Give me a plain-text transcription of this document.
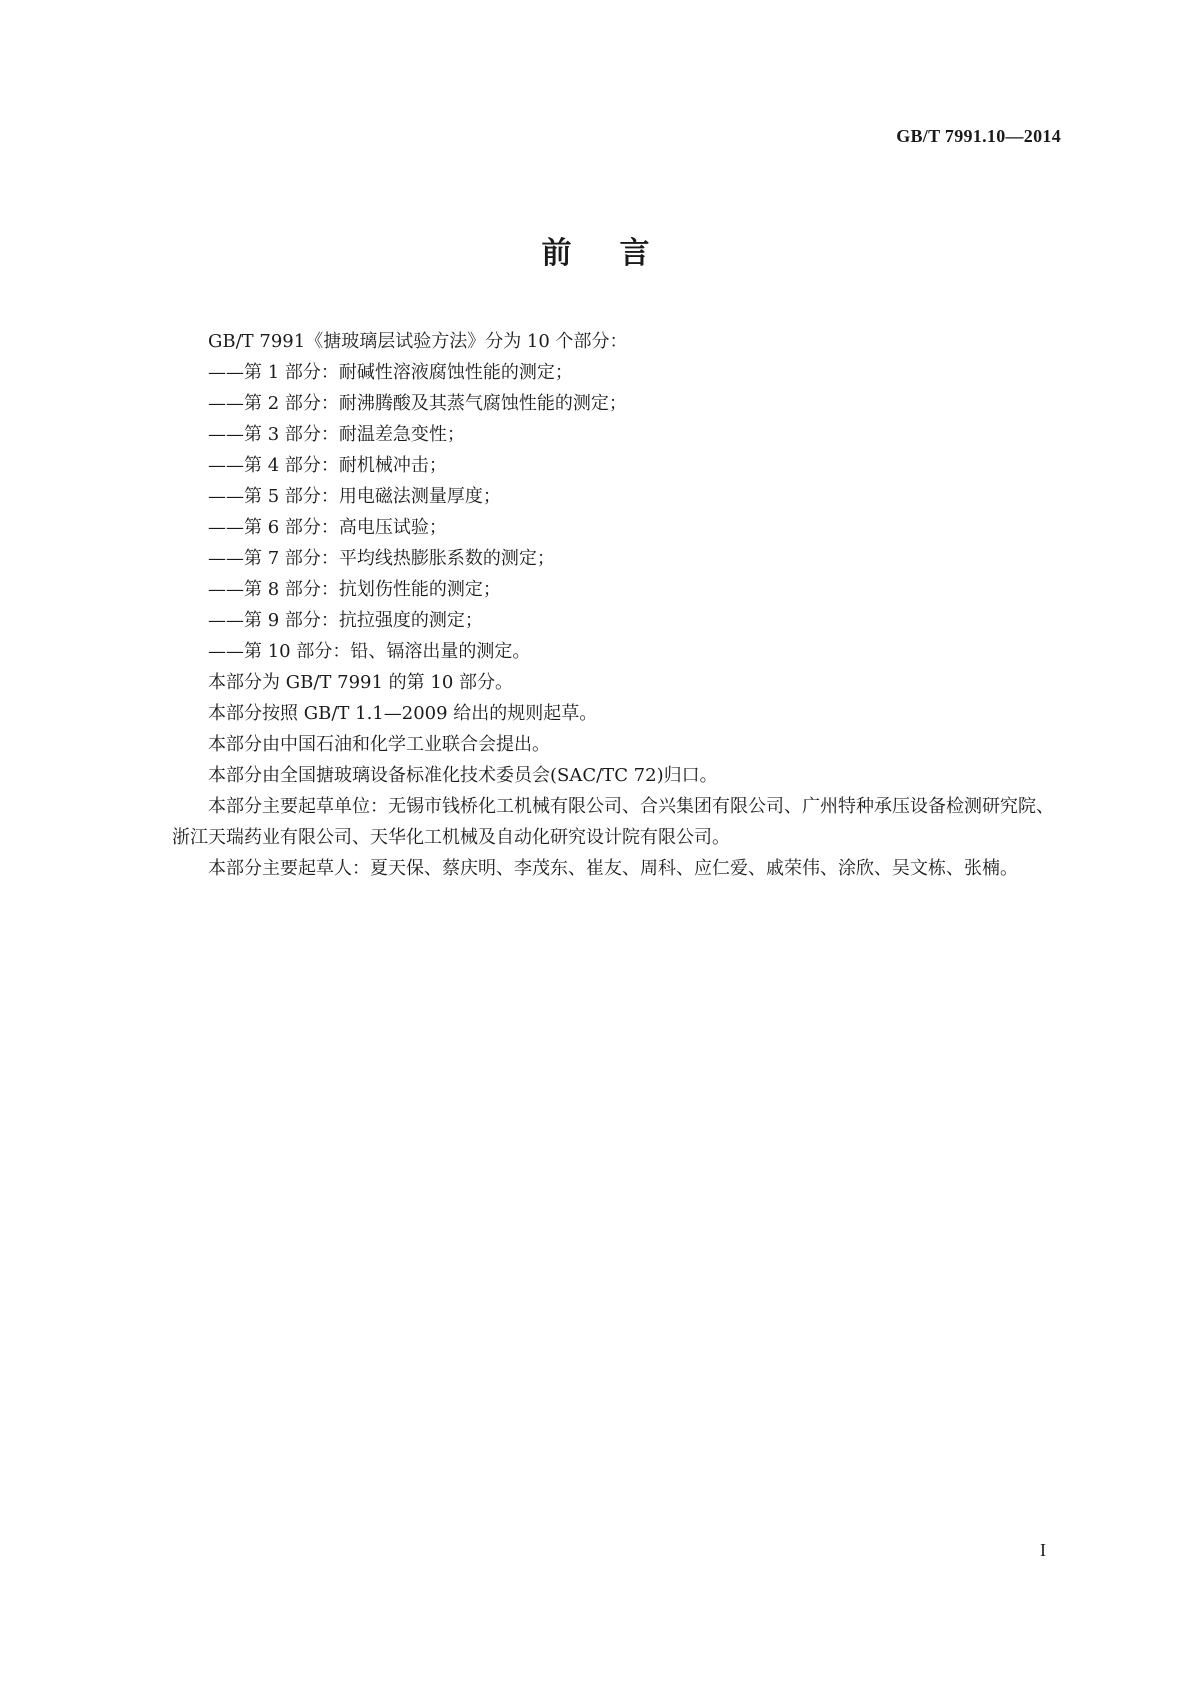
GB/T 7991.10—2014
前言

GB/T 7991《搪玻璃层试验方法》分为 10 个部分：

——第 1 部分：耐碱性溶液腐蚀性能的测定；

——第 2 部分：耐沸腾酸及其蒸气腐蚀性能的测定；

——第 3 部分：耐温差急变性；

——第 4 部分：耐机械冲击；

——第 5 部分：用电磁法测量厚度；

——第 6 部分：高电压试验；

——第 7 部分：平均线热膨胀系数的测定；

——第 8 部分：抗划伤性能的测定；

——第 9 部分：抗拉强度的测定；

——第 10 部分：铅、镉溶出量的测定。

本部分为 GB/T 7991 的第 10 部分。

本部分按照 GB/T 1.1—2009 给出的规则起草。

本部分由中国石油和化学工业联合会提出。

本部分由全国搪玻璃设备标准化技术委员会(SAC/TC 72)归口。

本部分主要起草单位：无锡市钱桥化工机械有限公司、合兴集团有限公司、广州特种承压设备检测研究院、浙江天瑞药业有限公司、天华化工机械及自动化研究设计院有限公司。

本部分主要起草人：夏天保、蔡庆明、李茂东、崔友、周科、应仁爱、戚荣伟、涂欣、吴文栋、张楠。

I
